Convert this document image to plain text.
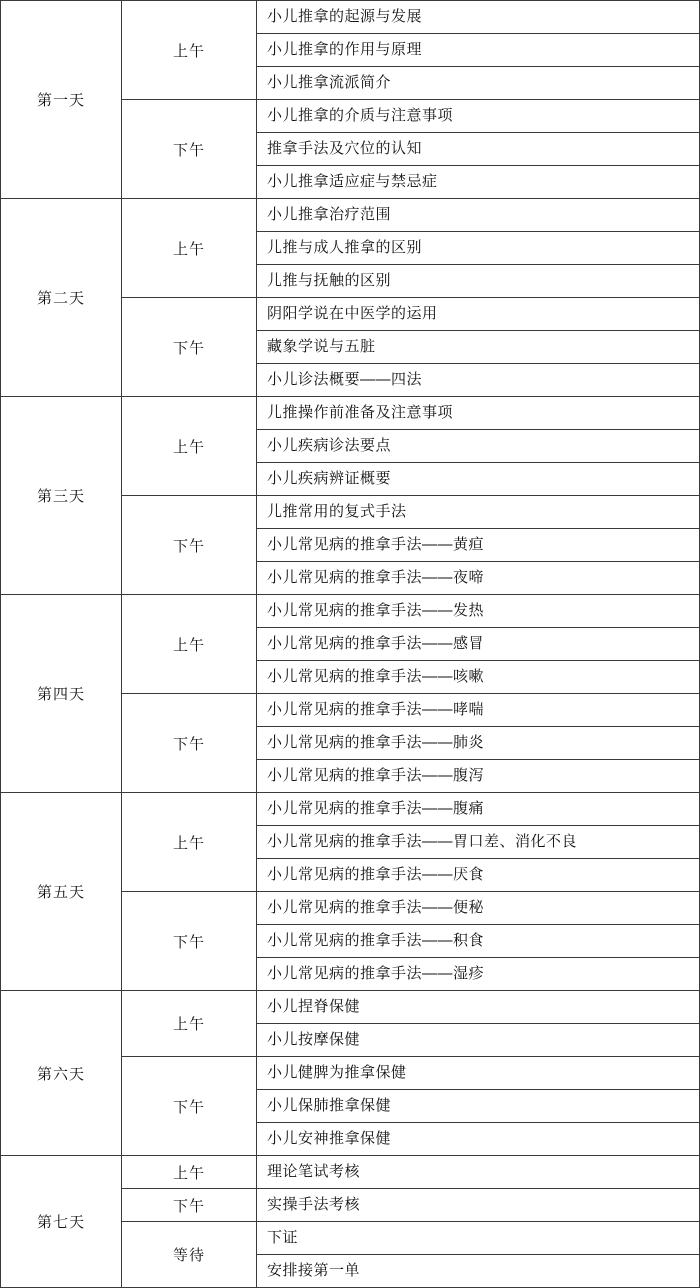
第一天	上午	小儿推拿的起源与发展
		小儿推拿的作用与原理
		小儿推拿流派简介
	下午	小儿推拿的介质与注意事项
		推拿手法及穴位的认知
		小儿推拿适应症与禁忌症
第二天	上午	小儿推拿治疗范围
		儿推与成人推拿的区别
		儿推与抚触的区别
	下午	阴阳学说在中医学的运用
		藏象学说与五脏
		小儿诊法概要——四法
第三天	上午	儿推操作前准备及注意事项
		小儿疾病诊法要点
		小儿疾病辨证概要
	下午	儿推常用的复式手法
		小儿常见病的推拿手法——黄疸
		小儿常见病的推拿手法——夜啼
第四天	上午	小儿常见病的推拿手法——发热
		小儿常见病的推拿手法——感冒
		小儿常见病的推拿手法——咳嗽
	下午	小儿常见病的推拿手法——哮喘
		小儿常见病的推拿手法——肺炎
		小儿常见病的推拿手法——腹泻
第五天	上午	小儿常见病的推拿手法——腹痛
		小儿常见病的推拿手法——胃口差、消化不良
		小儿常见病的推拿手法——厌食
	下午	小儿常见病的推拿手法——便秘
		小儿常见病的推拿手法——积食
		小儿常见病的推拿手法——湿疹
第六天	上午	小儿捏脊保健
		小儿按摩保健
	下午	小儿健脾为推拿保健
		小儿保肺推拿保健
		小儿安神推拿保健
第七天	上午	理论笔试考核
	下午	实操手法考核
	等待	下证
		安排接第一单
